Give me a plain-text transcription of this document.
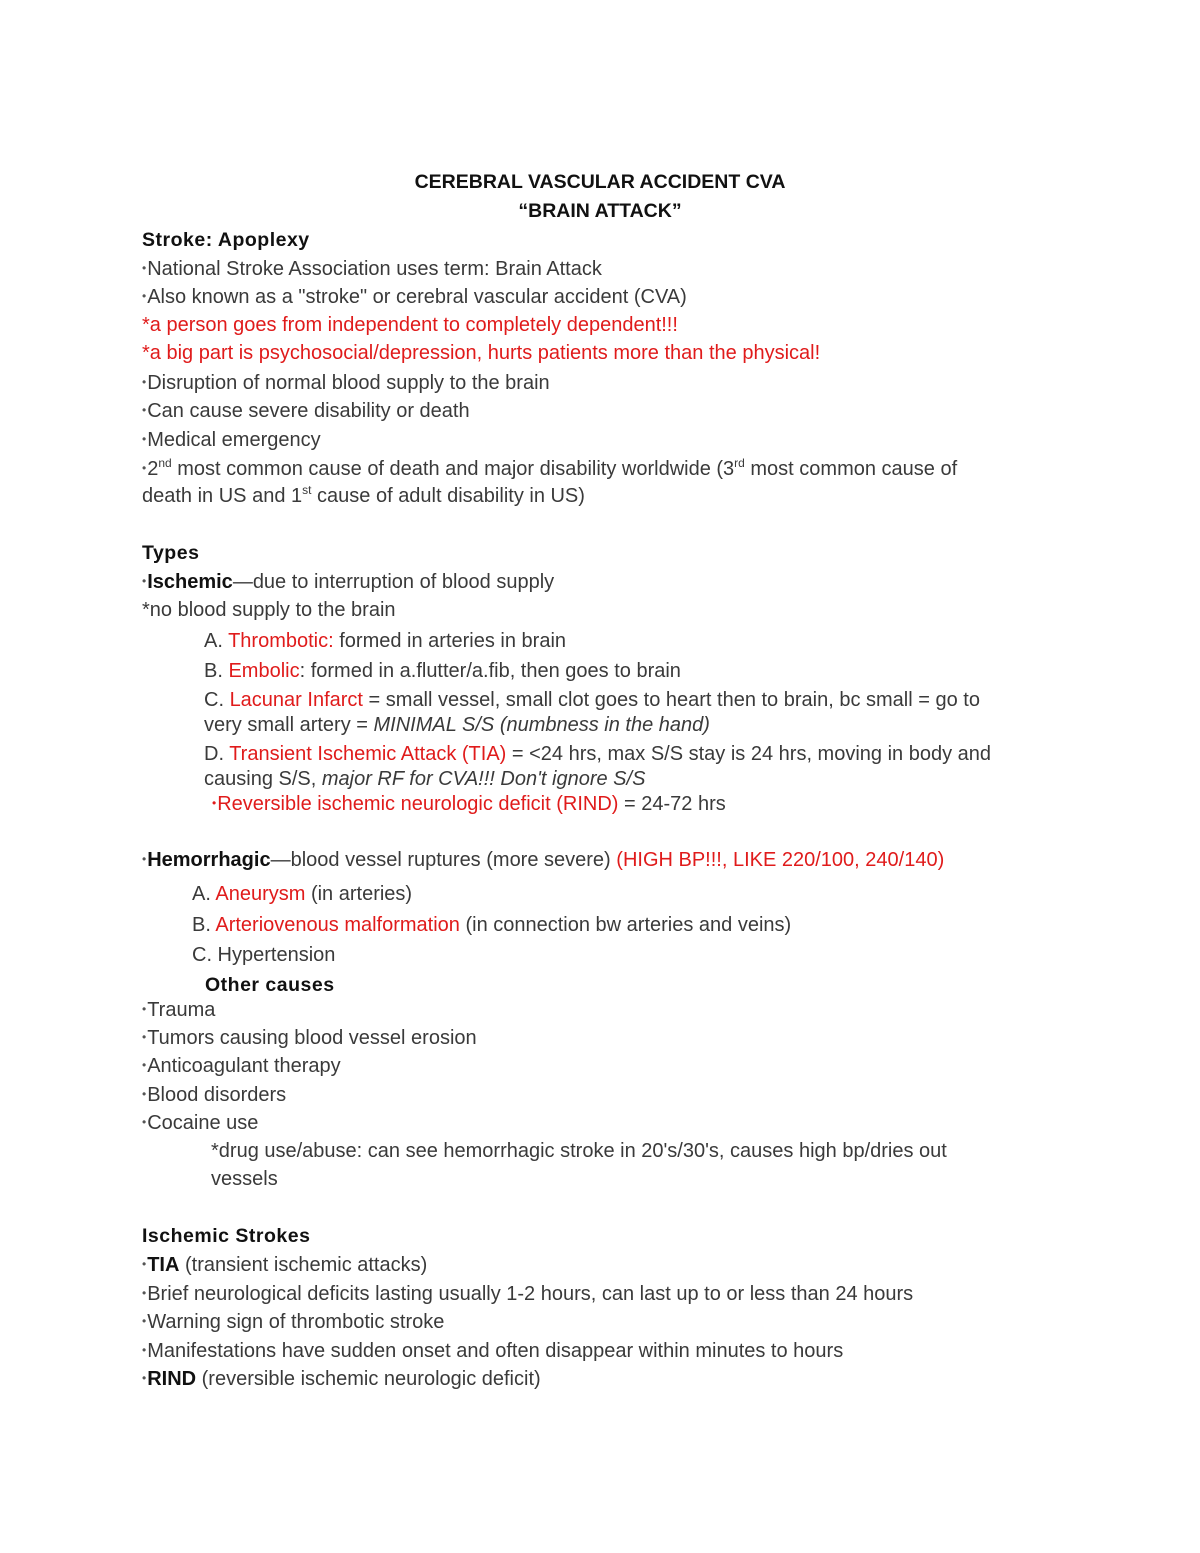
CEREBRAL VASCULAR ACCIDENT CVA
“BRAIN ATTACK”
Stroke: Apoplexy
•National Stroke Association uses term: Brain Attack
•Also known as a "stroke" or cerebral vascular accident (CVA)
*a person goes from independent to completely dependent!!!
*a big part is psychosocial/depression, hurts patients more than the physical!
•Disruption of normal blood supply to the brain
•Can cause severe disability or death
•Medical emergency
•2nd most common cause of death and major disability worldwide (3rd most common cause of
death in US and 1st cause of adult disability in US)
Types
•Ischemic—due to interruption of blood supply
*no blood supply to the brain
A. Thrombotic: formed in arteries in brain
B. Embolic: formed in a.flutter/a.fib, then goes to brain
C. Lacunar Infarct = small vessel, small clot goes to heart then to brain, bc small = go to
very small artery = MINIMAL S/S (numbness in the hand)
D. Transient Ischemic Attack (TIA) = <24 hrs, max S/S stay is 24 hrs, moving in body and
causing S/S, major RF for CVA!!! Don't ignore S/S
•Reversible ischemic neurologic deficit (RIND) = 24-72 hrs
•Hemorrhagic—blood vessel ruptures (more severe) (HIGH BP!!!, LIKE 220/100, 240/140)
A. Aneurysm (in arteries)
B. Arteriovenous malformation (in connection bw arteries and veins)
C. Hypertension
Other causes
•Trauma
•Tumors causing blood vessel erosion
•Anticoagulant therapy
•Blood disorders
•Cocaine use
*drug use/abuse: can see hemorrhagic stroke in 20's/30's, causes high bp/dries out
vessels
Ischemic Strokes
•TIA (transient ischemic attacks)
•Brief neurological deficits lasting usually 1-2 hours, can last up to or less than 24 hours
•Warning sign of thrombotic stroke
•Manifestations have sudden onset and often disappear within minutes to hours
•RIND (reversible ischemic neurologic deficit)
